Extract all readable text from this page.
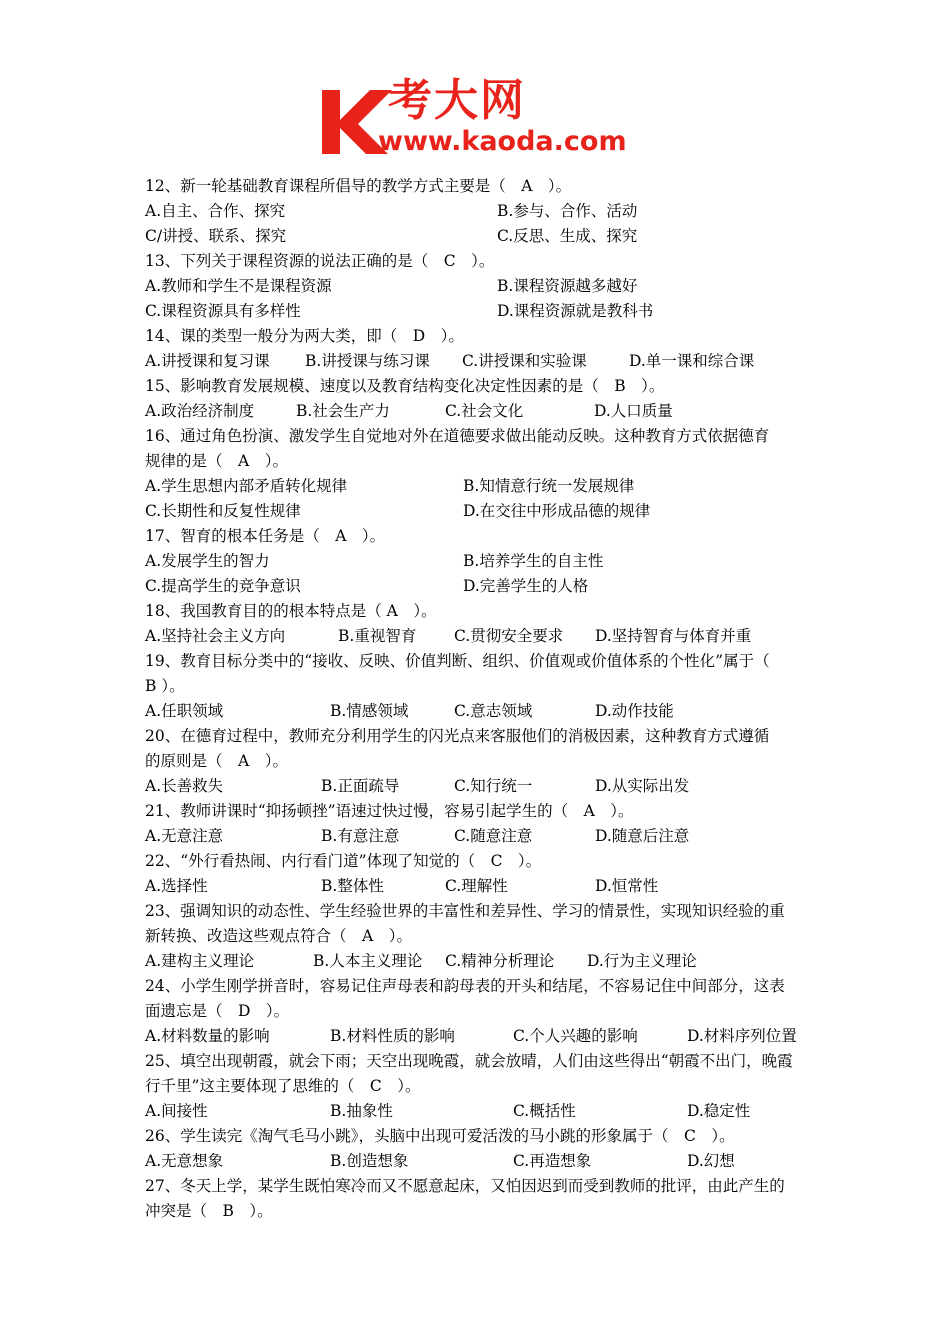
考大网
www.kaoda.com
12、新一轮基础教育课程所倡导的教学方式主要是（　A　）。
A.自主、合作、探究	B.参与、合作、活动
C/讲授、联系、探究	C.反思、生成、探究
13、下列关于课程资源的说法正确的是（　C　）。
A.教师和学生不是课程资源	B.课程资源越多越好
C.课程资源具有多样性	D.课程资源就是教科书
14、课的类型一般分为两大类，即（　D　）。
A.讲授课和复习课 B.讲授课与练习课 C.讲授课和实验课	D.单一课和综合课
15、影响教育发展规模、速度以及教育结构变化决定性因素的是（　B　）。
A.政治经济制度	B.社会生产力	C.社会文化	D.人口质量
16、通过角色扮演、激发学生自觉地对外在道德要求做出能动反映。这种教育方式依据德育
规律的是（　A　）。
A.学生思想内部矛盾转化规律	B.知情意行统一发展规律
C.长期性和反复性规律	D.在交往中形成品德的规律
17、智育的根本任务是（　A　）。
A.发展学生的智力	B.培养学生的自主性
C.提高学生的竞争意识	D.完善学生的人格
18、我国教育目的的根本特点是（ A　）。
A.坚持社会主义方向	B.重视智育 C.贯彻安全要求 D.坚持智育与体育并重
19、教育目标分类中的“接收、反映、价值判断、组织、价值观或价值体系的个性化”属于（
B ）。
A.任职领域	B.情感领域	C.意志领域	D.动作技能
20、在德育过程中，教师充分利用学生的闪光点来客服他们的消极因素，这种教育方式遵循
的原则是（　A　）。
A.长善救失	B.正面疏导	C.知行统一	D.从实际出发
21、教师讲课时“抑扬顿挫”语速过快过慢，容易引起学生的（　A　）。
A.无意注意	B.有意注意	C.随意注意	D.随意后注意
22、“外行看热闹、内行看门道”体现了知觉的（　C　）。
A.选择性	B.整体性	C.理解性	D.恒常性
23、强调知识的动态性、学生经验世界的丰富性和差异性、学习的情景性，实现知识经验的重
新转换、改造这些观点符合（　A　）。
A.建构主义理论	B.人本主义理论 C.精神分析理论 D.行为主义理论
24、小学生刚学拼音时，容易记住声母表和韵母表的开头和结尾，不容易记住中间部分，这表
面遗忘是（　D　）。
A.材料数量的影响	B.材料性质的影响	C.个人兴趣的影响	D.材料序列位置
25、填空出现朝霞，就会下雨；天空出现晚霞，就会放晴，人们由这些得出“朝霞不出门，晚霞
行千里”这主要体现了思维的（　C　）。
A.间接性	B.抽象性	C.概括性	D.稳定性
26、学生读完《淘气毛马小跳》，头脑中出现可爱活泼的马小跳的形象属于（　C　）。
A.无意想象	B.创造想象	C.再造想象	D.幻想
27、冬天上学，某学生既怕寒冷而又不愿意起床，又怕因迟到而受到教师的批评，由此产生的
冲突是（　B　）。
